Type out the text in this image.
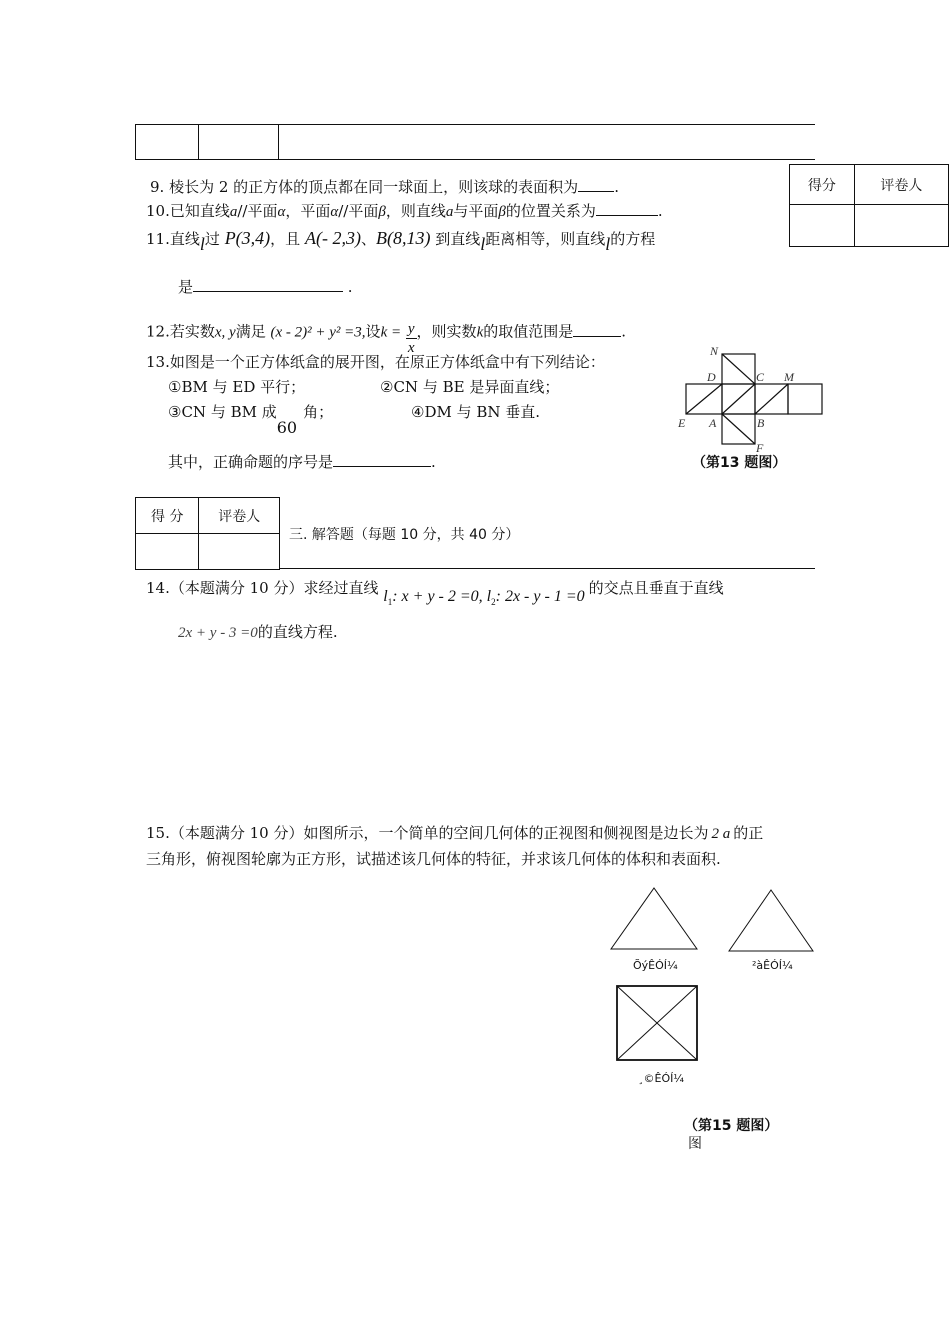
得分	评卷人

9. 棱长为 2 的正方体的顶点都在同一球面上，则该球的表面积为 .
10.已知直线a//平面α，平面α//平面β，则直线a与平面β的位置关系为	.
11.直线l过 P(3,4)，且 A(- 2,3)、B(8,13) 到直线l距离相等，则直线l的方程
是	.
12.若实数x, y满足 (x - 2)² + y² =3,设$k = \frac{y}{x}$ ，则实数k的取值范围是	.
13.如图是一个正方体纸盒的展开图，在原正方体纸盒中有下列结论：
①BM 与 ED 平行；	②CN 与 BE 是异面直线；
③CN 与 BM 成60角；	④DM 与 BN 垂直.
其中，正确命题的序号是	.
N
D	C M
E A	B
F
（第13 题图）
得 分	评卷人

三. 解答题（每题 10 分，共 40 分）
14.（本题满分 10 分）求经过直线 $l_1$: x + y - 2 =0, $l_2$: 2x - y - 1 =0 的交点且垂直于直线
2x + y - 3 =0的直线方程.
15.（本题满分 10 分）如图所示，一个简单的空间几何体的正视图和侧视图是边长为 2 a 的正
三角形，俯视图轮廓为正方形，试描述该几何体的特征，并求该几何体的体积和表面积.
ÕýÊÓÍ¼	²àÊÓÍ¼
¸©ÊÓÍ¼
（第15 题图）
图
